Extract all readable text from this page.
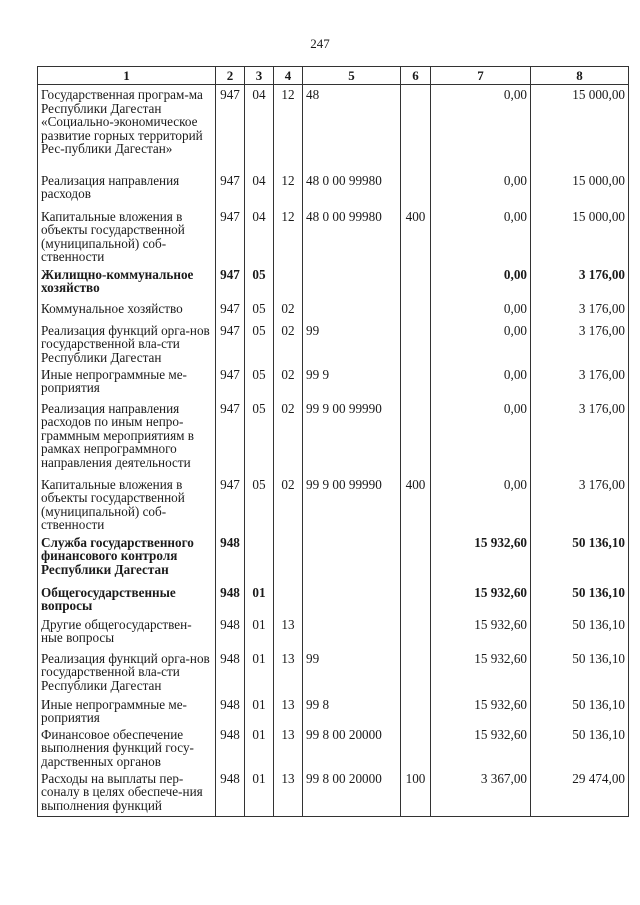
247
1	2	3	4	5	6	7	8
Государственная програм-ма Республики Дагестан «Социально-экономическое развитие горных территорий Рес-публики Дагестан»	947	04	12	48		0,00	15 000,00
Реализация направления расходов	947	04	12	48 0 00 99980		0,00	15 000,00
Капитальные вложения в объекты государственной (муниципальной) соб-ственности	947	04	12	48 0 00 99980	400	0,00	15 000,00
Жилищно-коммунальное хозяйство	947	05				0,00	3 176,00
Коммунальное хозяйство	947	05	02			0,00	3 176,00
Реализация функций орга-нов государственной вла-сти Республики Дагестан	947	05	02	99		0,00	3 176,00
Иные непрограммные ме-роприятия	947	05	02	99 9		0,00	3 176,00
Реализация направления расходов по иным непро-граммным мероприятиям в рамках непрограммного направления деятельности	947	05	02	99 9 00 99990		0,00	3 176,00
Капитальные вложения в объекты государственной (муниципальной) соб-ственности	947	05	02	99 9 00 99990	400	0,00	3 176,00
Служба государственного финансового контроля Республики Дагестан	948					15 932,60	50 136,10
Общегосударственные вопросы	948	01				15 932,60	50 136,10
Другие общегосударствен-ные вопросы	948	01	13			15 932,60	50 136,10
Реализация функций орга-нов государственной вла-сти Республики Дагестан	948	01	13	99		15 932,60	50 136,10
Иные непрограммные ме-роприятия	948	01	13	99 8		15 932,60	50 136,10
Финансовое обеспечение выполнения функций госу-дарственных органов	948	01	13	99 8 00 20000		15 932,60	50 136,10
Расходы на выплаты пер-соналу в целях обеспече-ния выполнения функций	948	01	13	99 8 00 20000	100	3 367,00	29 474,00
